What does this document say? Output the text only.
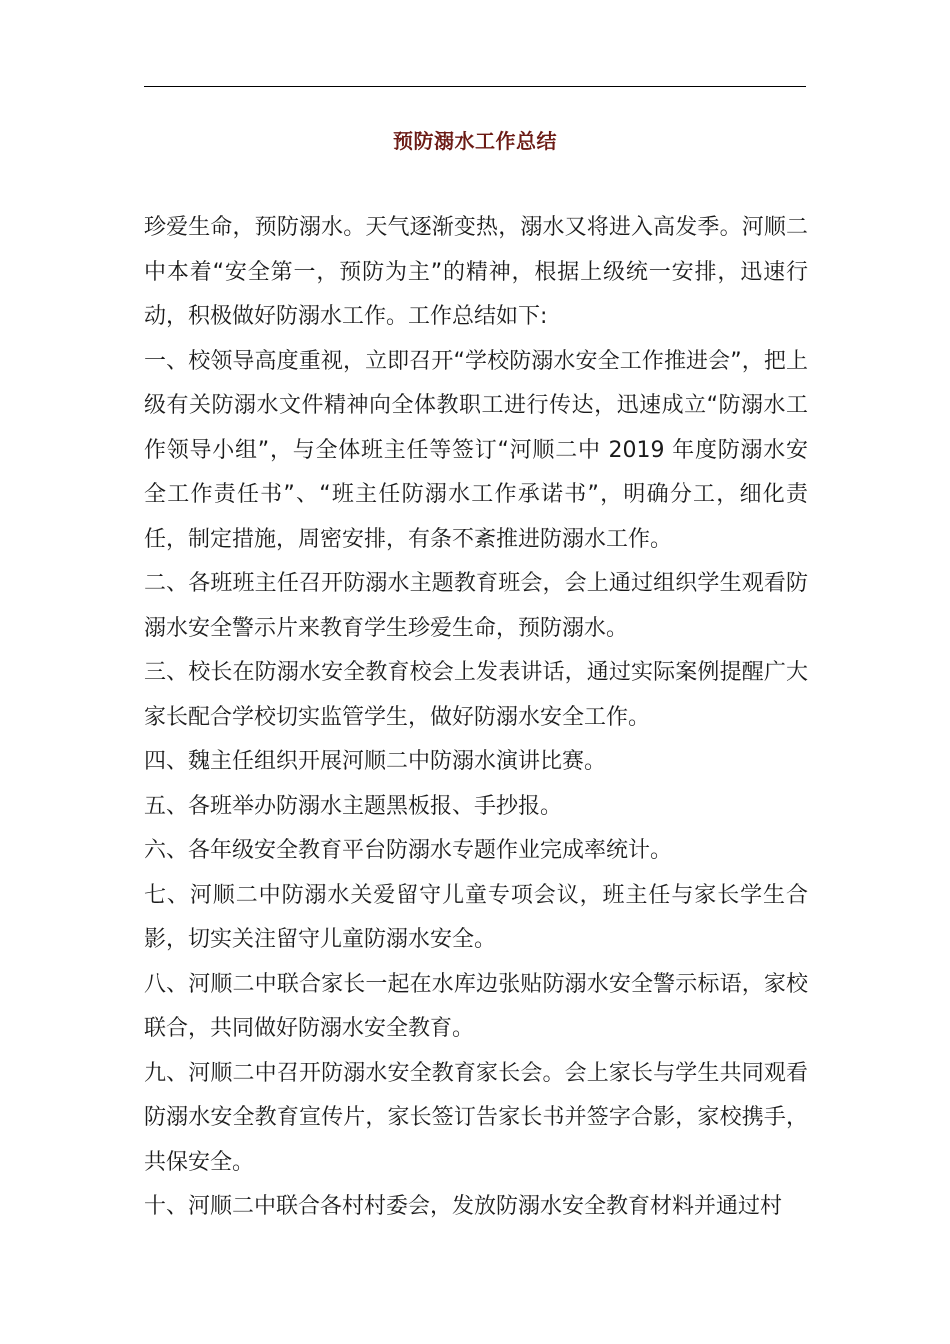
预防溺水工作总结

珍爱生命，预防溺水。天气逐渐变热，溺水又将进入高发季。河顺二中本着“安全第一，预防为主”的精神，根据上级统一安排，迅速行动，积极做好防溺水工作。工作总结如下:

一、校领导高度重视，立即召开“学校防溺水安全工作推进会”，把上级有关防溺水文件精神向全体教职工进行传达，迅速成立“防溺水工作领导小组”，与全体班主任等签订“河顺二中 2019 年度防溺水安全工作责任书”、“班主任防溺水工作承诺书”，明确分工，细化责任，制定措施，周密安排，有条不紊推进防溺水工作。

二、各班班主任召开防溺水主题教育班会，会上通过组织学生观看防溺水安全警示片来教育学生珍爱生命，预防溺水。

三、校长在防溺水安全教育校会上发表讲话，通过实际案例提醒广大家长配合学校切实监管学生，做好防溺水安全工作。

四、魏主任组织开展河顺二中防溺水演讲比赛。

五、各班举办防溺水主题黑板报、手抄报。

六、各年级安全教育平台防溺水专题作业完成率统计。

七、河顺二中防溺水关爱留守儿童专项会议，班主任与家长学生合影，切实关注留守儿童防溺水安全。

八、河顺二中联合家长一起在水库边张贴防溺水安全警示标语，家校联合，共同做好防溺水安全教育。

九、河顺二中召开防溺水安全教育家长会。会上家长与学生共同观看防溺水安全教育宣传片，家长签订告家长书并签字合影，家校携手，共保安全。

十、河顺二中联合各村村委会，发放防溺水安全教育材料并通过村
